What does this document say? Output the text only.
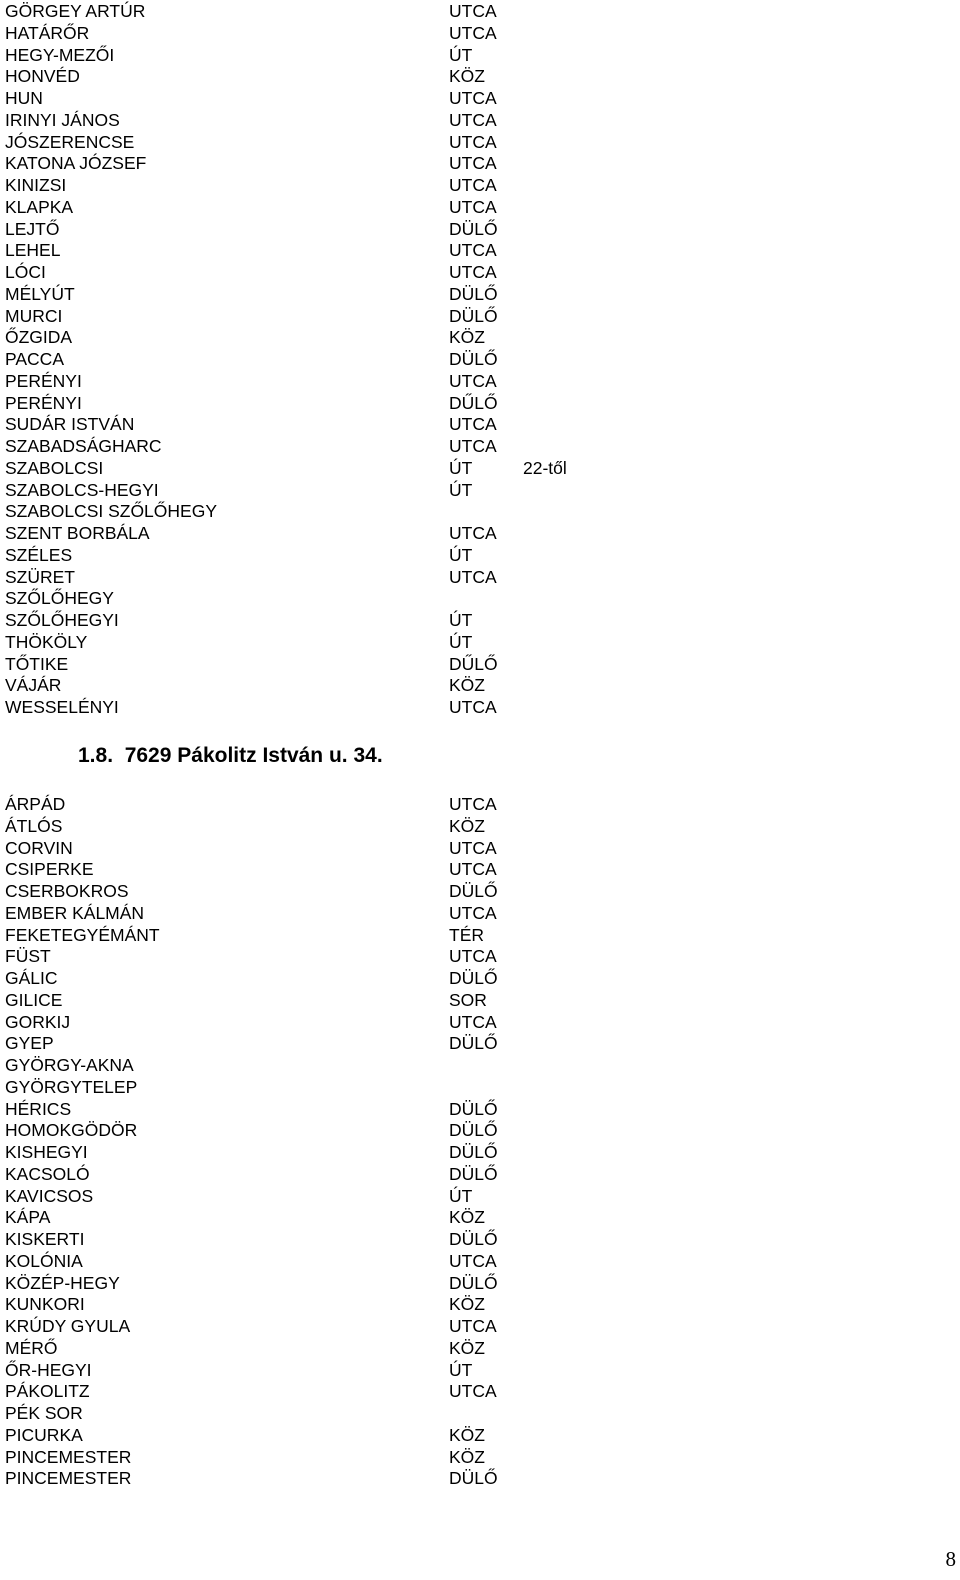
GÖRGEY ARTÚR	UTCA
HATÁRŐR	UTCA
HEGY-MEZŐI	ÚT
HONVÉD	KÖZ
HUN	UTCA
IRINYI JÁNOS	UTCA
JÓSZERENCSE	UTCA
KATONA JÓZSEF	UTCA
KINIZSI	UTCA
KLAPKA	UTCA
LEJTŐ	DÜLŐ
LEHEL	UTCA
LÓCI	UTCA
MÉLYÚT	DÜLŐ
MURCI	DÜLŐ
ŐZGIDA	KÖZ
PACCA	DÜLŐ
PERÉNYI	UTCA
PERÉNYI	DŰLŐ
SUDÁR ISTVÁN	UTCA
SZABADSÁGHARC	UTCA
SZABOLCSI	ÚT	22-től
SZABOLCS-HEGYI	ÚT
SZABOLCSI SZŐLŐHEGY
SZENT BORBÁLA	UTCA
SZÉLES	ÚT
SZÜRET	UTCA
SZŐLŐHEGY
SZŐLŐHEGYI	ÚT
THÖKÖLY	ÚT
TŐTIKE	DŰLŐ
VÁJÁR	KÖZ
WESSELÉNYI	UTCA
1.8. 7629 Pákolitz István u. 34.
ÁRPÁD	UTCA
ÁTLÓS	KÖZ
CORVIN	UTCA
CSIPERKE	UTCA
CSERBOKROS	DÜLŐ
EMBER KÁLMÁN	UTCA
FEKETEGYÉMÁNT	TÉR
FÜST	UTCA
GÁLIC	DÜLŐ
GILICE	SOR
GORKIJ	UTCA
GYEP	DÜLŐ
GYÖRGY-AKNA
GYÖRGYTELEP
HÉRICS	DÜLŐ
HOMOKGÖDÖR	DÜLŐ
KISHEGYI	DÜLŐ
KACSOLÓ	DÜLŐ
KAVICSOS	ÚT
KÁPA	KÖZ
KISKERTI	DÜLŐ
KOLÓNIA	UTCA
KÖZÉP-HEGY	DÜLŐ
KUNKORI	KÖZ
KRÚDY GYULA	UTCA
MÉRŐ	KÖZ
ŐR-HEGYI	ÚT
PÁKOLITZ	UTCA
PÉK SOR
PICURKA	KÖZ
PINCEMESTER	KÖZ
PINCEMESTER	DÜLŐ
8
